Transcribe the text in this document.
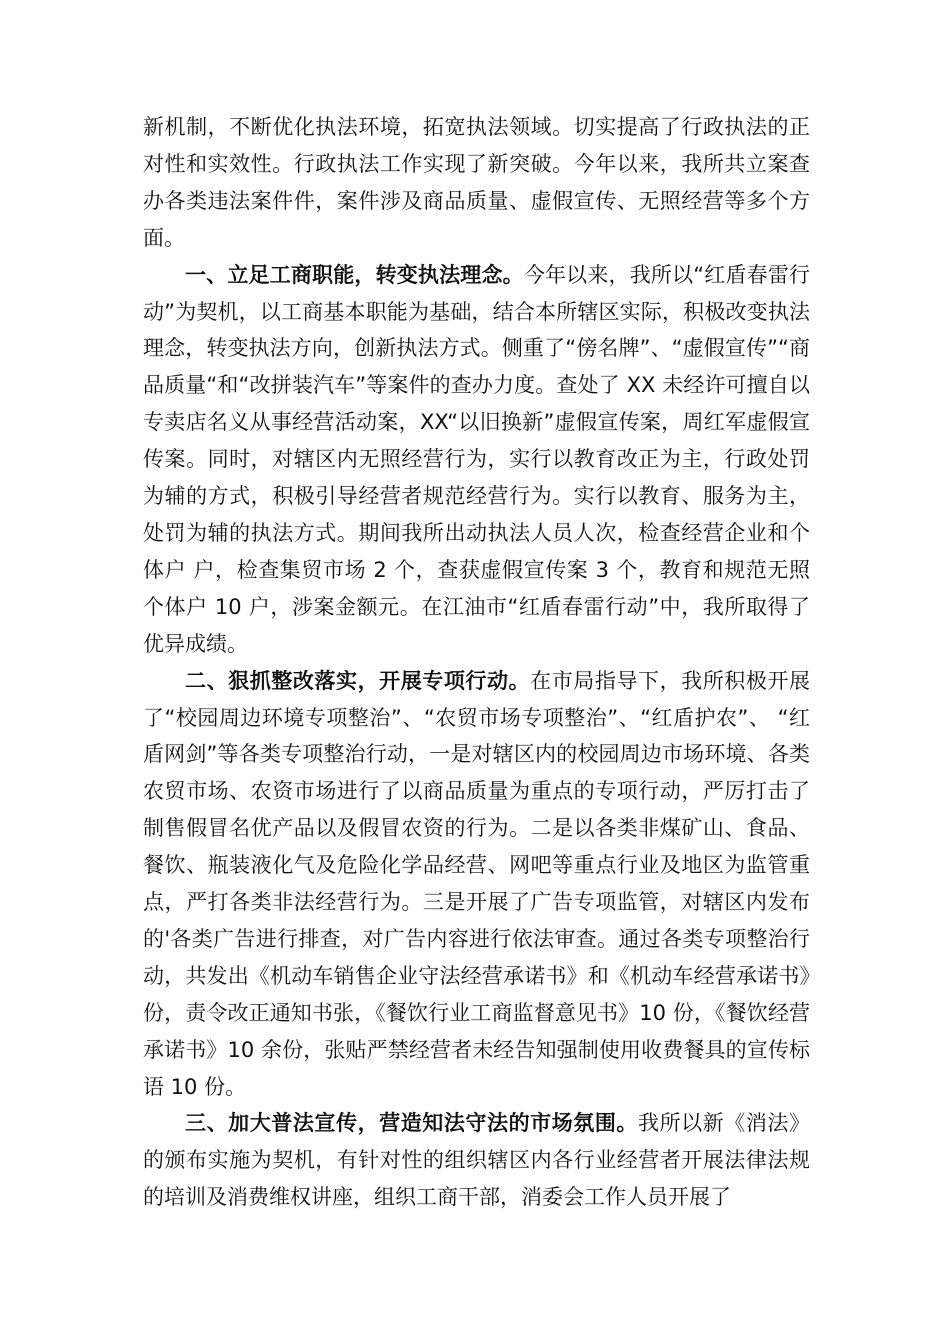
新机制，不断优化执法环境，拓宽执法领域。切实提高了行政执法的正对性和实效性。行政执法工作实现了新突破。今年以来，我所共立案查办各类违法案件件，案件涉及商品质量、虚假宣传、无照经营等多个方面。

一、立足工商职能，转变执法理念。今年以来，我所以“红盾春雷行动”为契机，以工商基本职能为基础，结合本所辖区实际，积极改变执法理念，转变执法方向，创新执法方式。侧重了“傍名牌”、“虚假宣传”“商品质量“和“改拼装汽车”等案件的查办力度。查处了 XX 未经许可擅自以专卖店名义从事经营活动案，XX“以旧换新”虚假宣传案，周红军虚假宣传案。同时，对辖区内无照经营行为，实行以教育改正为主，行政处罚为辅的方式，积极引导经营者规范经营行为。实行以教育、服务为主，处罚为辅的执法方式。期间我所出动执法人员人次，检查经营企业和个体户 户，检查集贸市场 2 个，查获虚假宣传案 3 个，教育和规范无照个体户 10 户，涉案金额元。在江油市“红盾春雷行动”中，我所取得了优异成绩。

二、狠抓整改落实，开展专项行动。在市局指导下，我所积极开展了“校园周边环境专项整治”、“农贸市场专项整治”、“红盾护农”、 “红盾网剑”等各类专项整治行动，一是对辖区内的校园周边市场环境、各类农贸市场、农资市场进行了以商品质量为重点的专项行动，严厉打击了制售假冒名优产品以及假冒农资的行为。二是以各类非煤矿山、食品、餐饮、瓶装液化气及危险化学品经营、网吧等重点行业及地区为监管重点，严打各类非法经营行为。三是开展了广告专项监管，对辖区内发布的'各类广告进行排查，对广告内容进行依法审查。通过各类专项整治行动，共发出《机动车销售企业守法经营承诺书》和《机动车经营承诺书》份，责令改正通知书张，《餐饮行业工商监督意见书》10 份，《餐饮经营承诺书》10 余份，张贴严禁经营者未经告知强制使用收费餐具的宣传标语 10 份。

三、加大普法宣传，营造知法守法的市场氛围。我所以新《消法》的颁布实施为契机，有针对性的组织辖区内各行业经营者开展法律法规的培训及消费维权讲座，组织工商干部，消委会工作人员开展了
